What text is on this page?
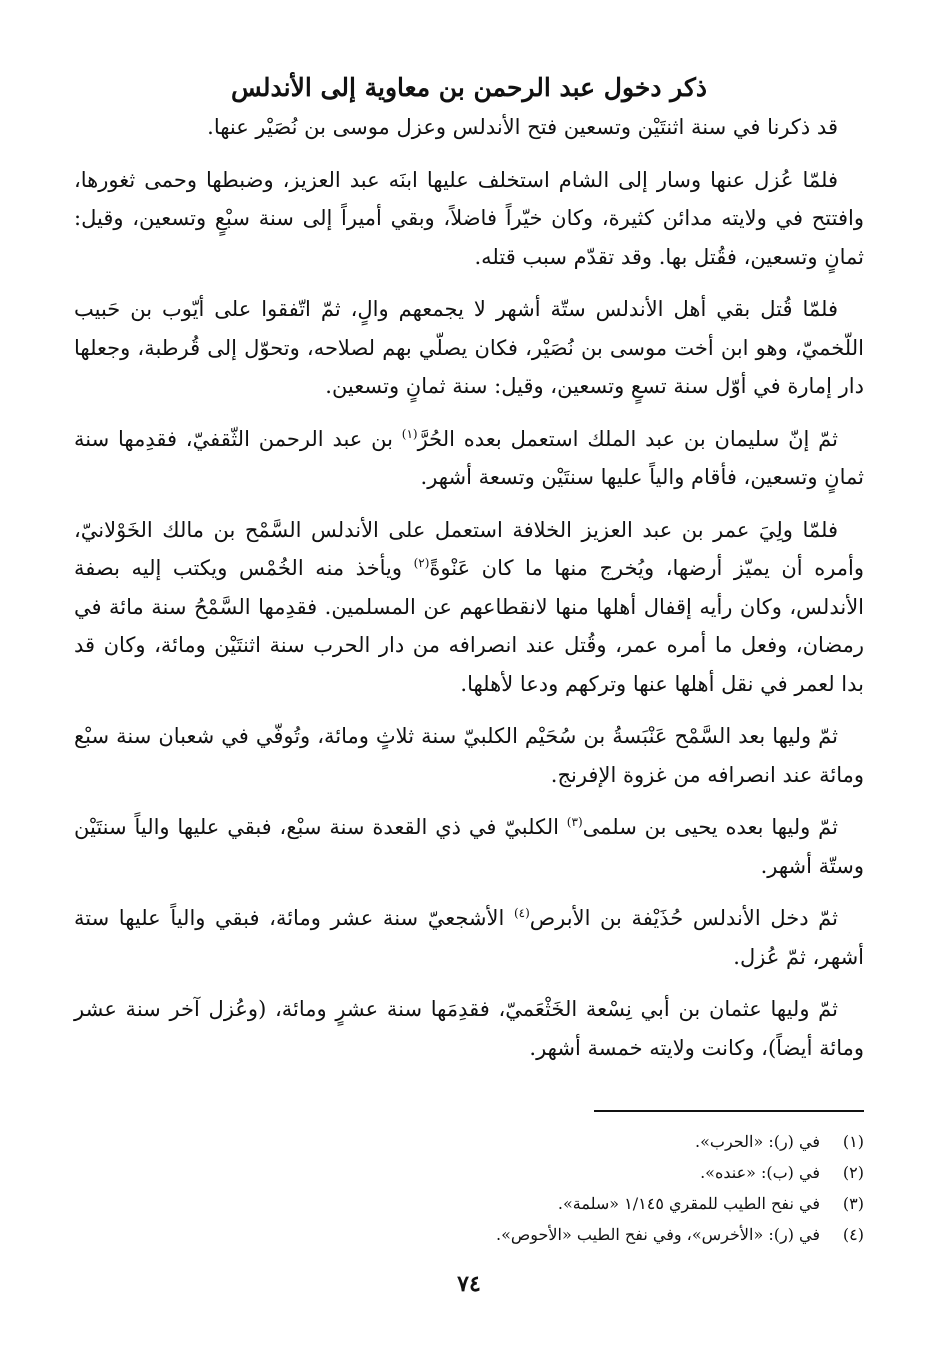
ذكر دخول عبد الرحمن بن معاوية إلى الأندلس

قد ذكرنا في سنة اثنتَيْن وتسعين فتح الأندلس وعزل موسى بن نُصَيْر عنها.

فلمّا عُزل عنها وسار إلى الشام استخلف عليها ابنَه عبد العزيز، وضبطها وحمى ثغورها، وافتتح في ولايته مدائن كثيرة، وكان خيّراً فاضلاً، وبقي أميراً إلى سنة سبْعٍ وتسعين، وقيل: ثمانٍ وتسعين، فقُتل بها. وقد تقدّم سبب قتله.

فلمّا قُتل بقي أهل الأندلس ستّة أشهر لا يجمعهم والٍ، ثمّ اتّفقوا على أيّوب بن حَبيب اللّخميّ، وهو ابن أخت موسى بن نُصَيْر، فكان يصلّي بهم لصلاحه، وتحوّل إلى قُرطبة، وجعلها دار إمارة في أوّل سنة تسعٍ وتسعين، وقيل: سنة ثمانٍ وتسعين.

ثمّ إنّ سليمان بن عبد الملك استعمل بعده الحُرَّ$^{(١)}$ بن عبد الرحمن الثّقفيّ، فقدِمها سنة ثمانٍ وتسعين، فأقام والياً عليها سنتَيْن وتسعة أشهر.

فلمّا ولِيَ عمر بن عبد العزيز الخلافة استعمل على الأندلس السَّمْح بن مالك الخَوْلانيّ، وأمره أن يميّز أرضها، ويُخرج منها ما كان عَنْوةً$^{(٢)}$ ويأخذ منه الخُمْس ويكتب إليه بصفة الأندلس، وكان رأيه إقفال أهلها منها لانقطاعهم عن المسلمين. فقدِمها السَّمْحُ سنة مائة في رمضان، وفعل ما أمره عمر، وقُتل عند انصرافه من دار الحرب سنة اثنتَيْن ومائة، وكان قد بدا لعمر في نقل أهلها عنها وتركهم ودعا لأهلها.

ثمّ وليها بعد السَّمْح عَنْبَسةُ بن سُحَيْم الكلبيّ سنة ثلاثٍ ومائة، وتُوفّي في شعبان سنة سبْع ومائة عند انصرافه من غزوة الإفرنج.

ثمّ وليها بعده يحيى بن سلمى$^{(٣)}$ الكلبيّ في ذي القعدة سنة سبْع، فبقي عليها والياً سنتَيْن وستّة أشهر.

ثمّ دخل الأندلس حُذَيْفة بن الأبرص$^{(٤)}$ الأشجعيّ سنة عشر ومائة، فبقي والياً عليها ستة أشهر، ثمّ عُزل.

ثمّ وليها عثمان بن أبي نِسْعة الخَثْعَميّ، فقدِمَها سنة عشرٍ ومائة، (وعُزل آخر سنة عشر ومائة أيضاً)، وكانت ولايته خمسة أشهر.

(١)
في (ر): «الحرب».
(٢)
في (ب): «عنده».
(٣)
في نفح الطيب للمقري ١/١٤٥ «سلمة».
(٤)
في (ر): «الأخرس»، وفي نفح الطيب «الأحوص».
٧٤
